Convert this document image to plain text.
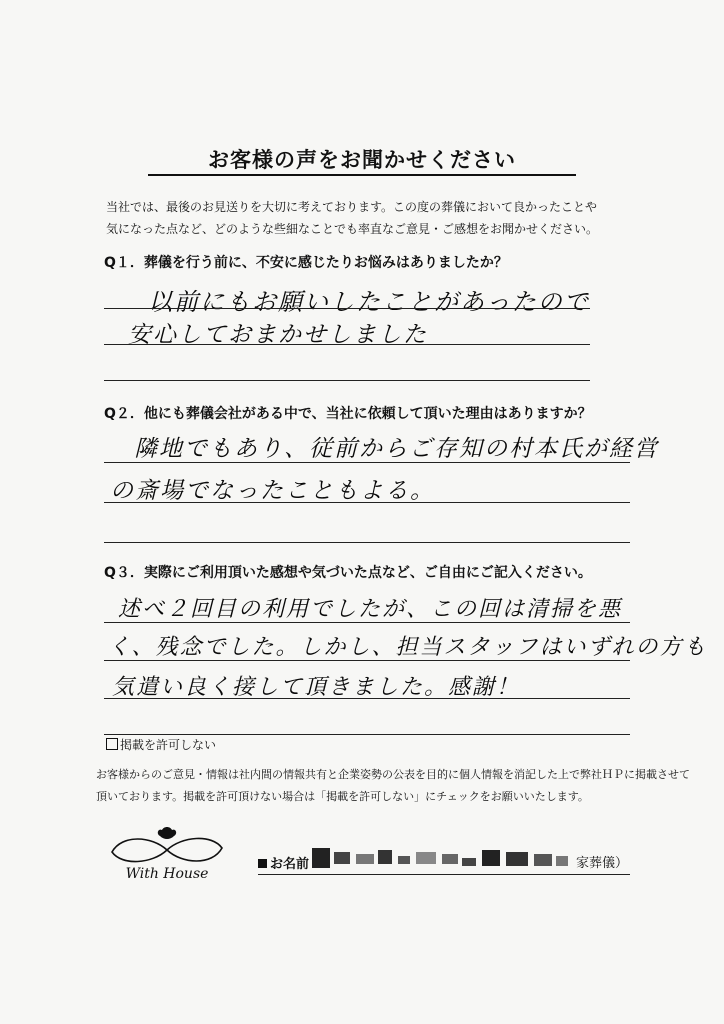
お客様の声をお聞かせください
当社では、最後のお見送りを大切に考えております。この度の葬儀において良かったことや
気になった点など、どのような些細なことでも率直なご意見・ご感想をお聞かせください。
Q１．葬儀を行う前に、不安に感じたりお悩みはありましたか？
以前にもお願いしたことがあったので
安心しておまかせしました
Q２．他にも葬儀会社がある中で、当社に依頼して頂いた理由はありますか？
隣地でもあり、従前からご存知の村本氏が経営
の斎場でなったこともよる。
Q３．実際にご利用頂いた感想や気づいた点など、ご自由にご記入ください。
述べ２回目の利用でしたが、この回は清掃を悪
く、残念でした。しかし、担当スタッフはいずれの方も
気遣い良く接して頂きました。感謝！
掲載を許可しない
お客様からのご意見・情報は社内間の情報共有と企業姿勢の公表を目的に個人情報を消記した上で弊社ＨＰに掲載させて
頂いております。掲載を許可頂けない場合は「掲載を許可しない」にチェックをお願いいたします。
With House
お名前	家葬儀）
